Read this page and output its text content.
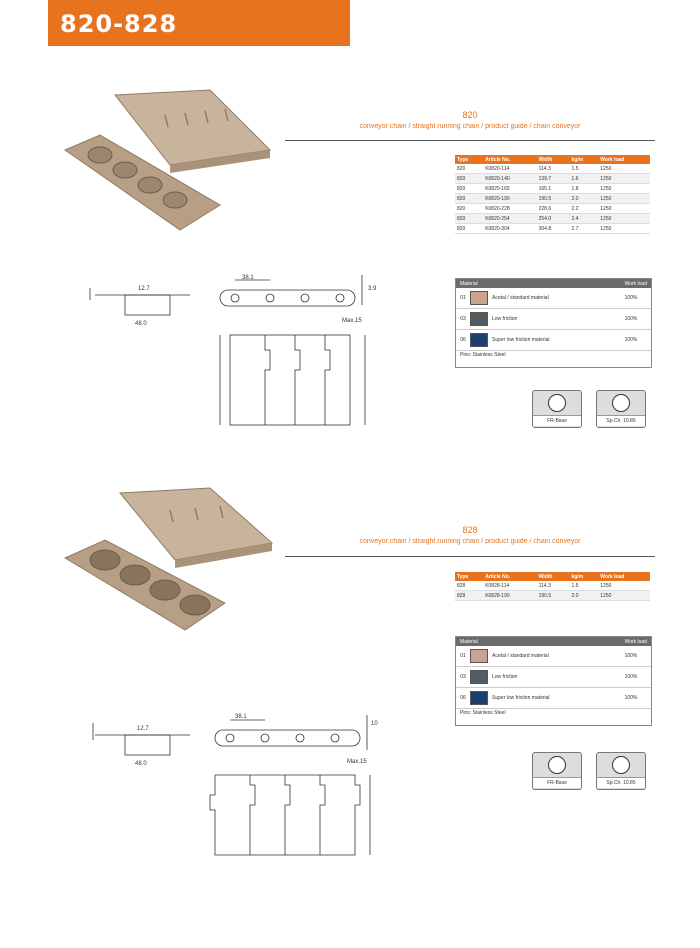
820-828
820
conveyor chain / straight running chain / product guide / chain conveyor
Type	Article No.	Width	kg/m	Work load
820	K0820-114	114.3	1.5	1250
820	K0820-140	139.7	1.6	1250
820	K0820-165	165.1	1.8	1250
820	K0820-190	190.5	2.0	1250
820	K0820-228	228.6	2.2	1250
820	K0820-254	254.0	2.4	1250
820	K0820-304	304.8	2.7	1250
38.1
48.0	Max.15
3.9
12.7
Material	Work load
01	Acetal / standard material	100%
03	Low friction	100%
06	Super low friction material	100%
Pins: Stainless Steel
FR-Base	Sp.Ch. 10.85
828
conveyor chain / straight running chain / product guide / chain conveyor
Type	Article No.	Width	kg/m	Work load
828	K0828-114	114.3	1.5	1250
828	K0828-190	190.5	2.0	1250
38.1
48.0	Max.15
10
12.7
Material	Work load
01	Acetal / standard material	100%
03	Low friction	100%
06	Super low friction material	100%
Pins: Stainless Steel
FR-Base	Sp.Ch. 10.85
